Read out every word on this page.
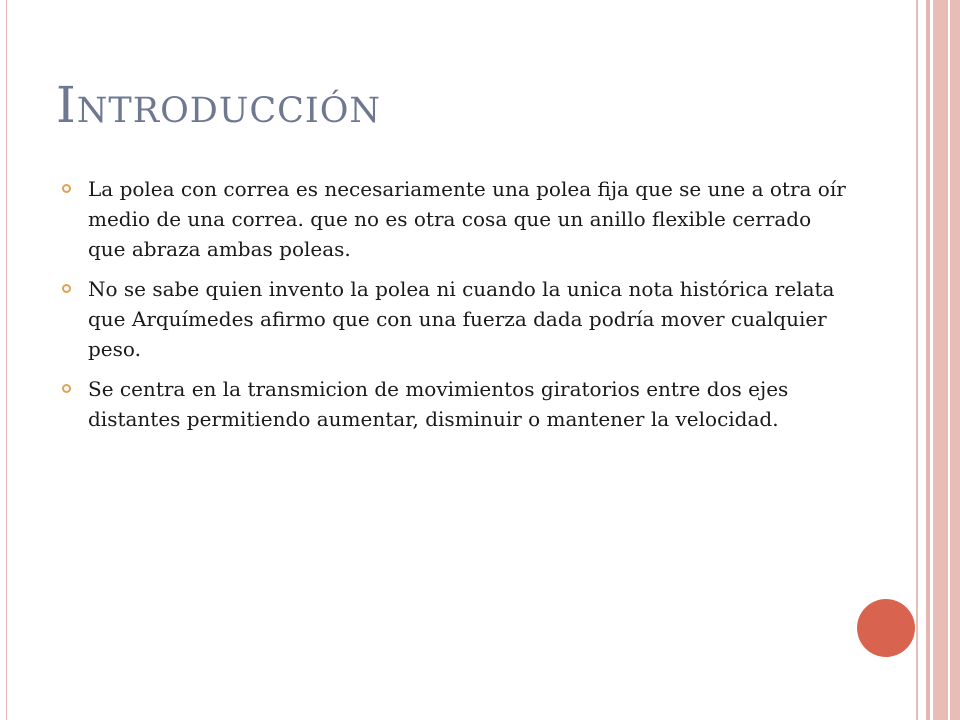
Introducción
La polea con correa es necesariamente una polea fija que se une a otra oír medio de una correa. que no es otra cosa que un anillo flexible cerrado que abraza ambas poleas.
No se sabe quien invento la polea ni cuando la unica nota histórica relata que Arquímedes afirmo que con una fuerza dada podría mover cualquier peso.
Se centra en la transmicion de movimientos giratorios entre dos ejes distantes permitiendo aumentar, disminuir o mantener la velocidad.
